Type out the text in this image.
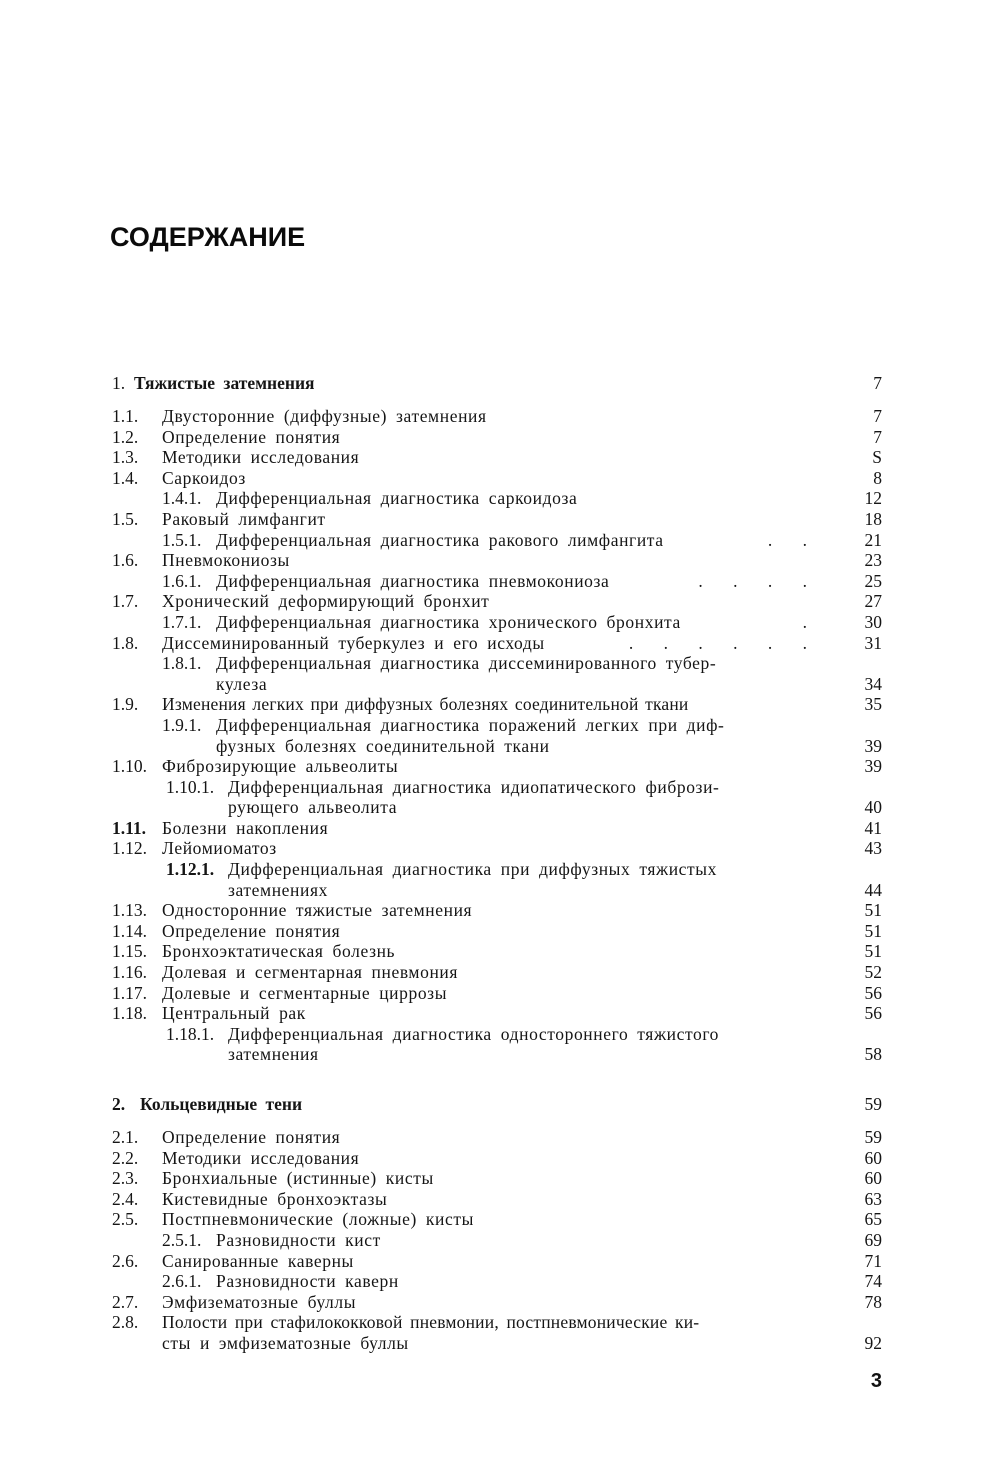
СОДЕРЖАНИЕ
1. Тяжистые затемнения	7
1.1. Двусторонние (диффузные) затемнения	7
1.2. Определение понятия	7
1.3. Методики исследования	S
1.4. Саркоидоз	8
1.4.1. Дифференциальная диагностика саркоидоза	12
1.5. Раковый лимфангит	18
1.5.1. Дифференциальная диагностика ракового лимфангита	. .	21
1.6. Пневмокониозы	23
1.6.1. Дифференциальная диагностика пневмокониоза	. . . .	25
1.7. Хронический деформирующий бронхит	27
1.7.1. Дифференциальная диагностика хронического бронхита	.	30
1.8. Диссеминированный туберкулез и его исходы	. . . . . .	31
1.8.1. Дифференциальная диагностика диссеминированного тубер-
кулеза	34
1.9. Изменения легких при диффузных болезнях соединительной ткани	35
1.9.1. Дифференциальная диагностика поражений легких при диф-
фузных болезнях соединительной ткани	39
1.10. Фиброзирующие альвеолиты	39
1.10.1. Дифференциальная диагностика идиопатического фибрози-
рующего альвеолита	40
1.11. Болезни накопления	41
1.12. Лейомиоматоз	43
1.12.1. Дифференциальная диагностика при диффузных тяжистых
затемнениях	44
1.13. Односторонние тяжистые затемнения	51
1.14. Определение понятия	51
1.15. Бронхоэктатическая болезнь	51
1.16. Долевая и сегментарная пневмония	52
1.17. Долевые и сегментарные циррозы	56
1.18. Центральный рак	56
1.18.1. Дифференциальная диагностика одностороннего тяжистого
затемнения	58
2. Кольцевидные тени	59
2.1. Определение понятия	59
2.2. Методики исследования	60
2.3. Бронхиальные (истинные) кисты	60
2.4. Кистевидные бронхоэктазы	63
2.5. Постпневмонические (ложные) кисты	65
2.5.1. Разновидности кист	69
2.6. Санированные каверны	71
2.6.1. Разновидности каверн	74
2.7. Эмфизематозные буллы	78
2.8. Полости при стафилококковой пневмонии, постпневмонические ки-
сты и эмфизематозные буллы	92
3
